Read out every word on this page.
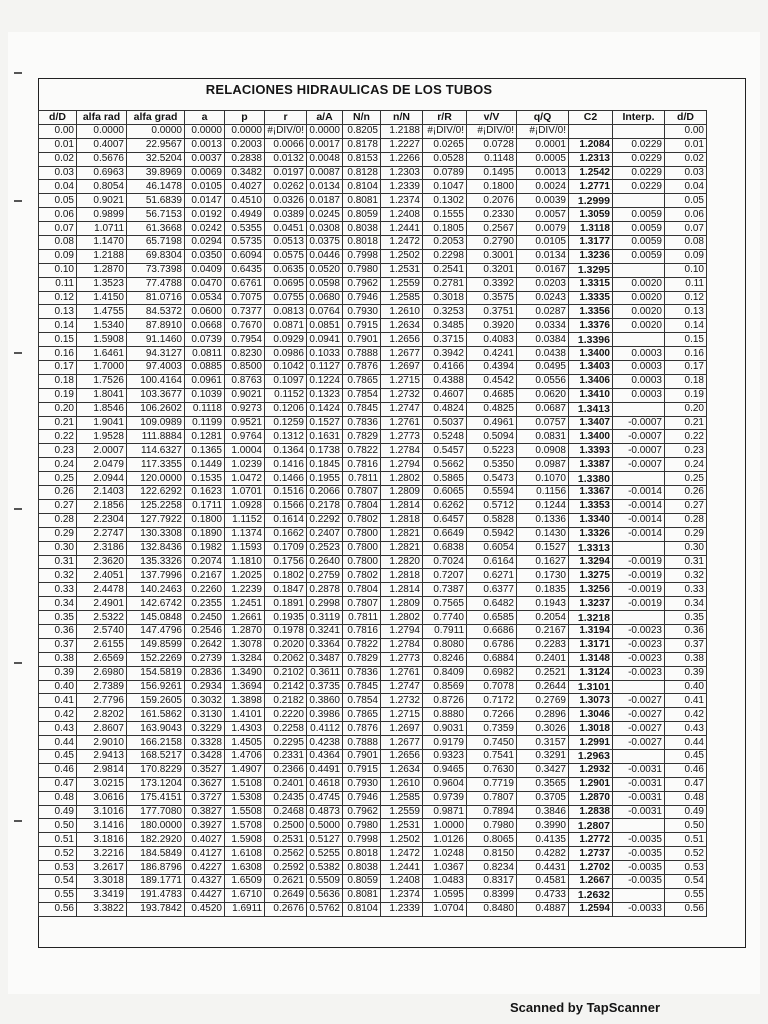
RELACIONES HIDRAULICAS DE LOS TUBOS
d/D	alfa rad	alfa grad	a	p	r	a/A	N/n	n/N	r/R	v/V	q/Q	C2	Interp.	d/D
0.00	0.0000	0.0000	0.0000	0.0000	#¡DIV/0!	0.0000	0.8205	1.2188	#¡DIV/0!	#¡DIV/0!	#¡DIV/0!			0.00
0.01	0.4007	22.9567	0.0013	0.2003	0.0066	0.0017	0.8178	1.2227	0.0265	0.0728	0.0001	1.2084	0.0229	0.01
0.02	0.5676	32.5204	0.0037	0.2838	0.0132	0.0048	0.8153	1.2266	0.0528	0.1148	0.0005	1.2313	0.0229	0.02
0.03	0.6963	39.8969	0.0069	0.3482	0.0197	0.0087	0.8128	1.2303	0.0789	0.1495	0.0013	1.2542	0.0229	0.03
0.04	0.8054	46.1478	0.0105	0.4027	0.0262	0.0134	0.8104	1.2339	0.1047	0.1800	0.0024	1.2771	0.0229	0.04
0.05	0.9021	51.6839	0.0147	0.4510	0.0326	0.0187	0.8081	1.2374	0.1302	0.2076	0.0039	1.2999		0.05
0.06	0.9899	56.7153	0.0192	0.4949	0.0389	0.0245	0.8059	1.2408	0.1555	0.2330	0.0057	1.3059	0.0059	0.06
0.07	1.0711	61.3668	0.0242	0.5355	0.0451	0.0308	0.8038	1.2441	0.1805	0.2567	0.0079	1.3118	0.0059	0.07
0.08	1.1470	65.7198	0.0294	0.5735	0.0513	0.0375	0.8018	1.2472	0.2053	0.2790	0.0105	1.3177	0.0059	0.08
0.09	1.2188	69.8304	0.0350	0.6094	0.0575	0.0446	0.7998	1.2502	0.2298	0.3001	0.0134	1.3236	0.0059	0.09
0.10	1.2870	73.7398	0.0409	0.6435	0.0635	0.0520	0.7980	1.2531	0.2541	0.3201	0.0167	1.3295		0.10
0.11	1.3523	77.4788	0.0470	0.6761	0.0695	0.0598	0.7962	1.2559	0.2781	0.3392	0.0203	1.3315	0.0020	0.11
0.12	1.4150	81.0716	0.0534	0.7075	0.0755	0.0680	0.7946	1.2585	0.3018	0.3575	0.0243	1.3335	0.0020	0.12
0.13	1.4755	84.5372	0.0600	0.7377	0.0813	0.0764	0.7930	1.2610	0.3253	0.3751	0.0287	1.3356	0.0020	0.13
0.14	1.5340	87.8910	0.0668	0.7670	0.0871	0.0851	0.7915	1.2634	0.3485	0.3920	0.0334	1.3376	0.0020	0.14
0.15	1.5908	91.1460	0.0739	0.7954	0.0929	0.0941	0.7901	1.2656	0.3715	0.4083	0.0384	1.3396		0.15
0.16	1.6461	94.3127	0.0811	0.8230	0.0986	0.1033	0.7888	1.2677	0.3942	0.4241	0.0438	1.3400	0.0003	0.16
0.17	1.7000	97.4003	0.0885	0.8500	0.1042	0.1127	0.7876	1.2697	0.4166	0.4394	0.0495	1.3403	0.0003	0.17
0.18	1.7526	100.4164	0.0961	0.8763	0.1097	0.1224	0.7865	1.2715	0.4388	0.4542	0.0556	1.3406	0.0003	0.18
0.19	1.8041	103.3677	0.1039	0.9021	0.1152	0.1323	0.7854	1.2732	0.4607	0.4685	0.0620	1.3410	0.0003	0.19
0.20	1.8546	106.2602	0.1118	0.9273	0.1206	0.1424	0.7845	1.2747	0.4824	0.4825	0.0687	1.3413		0.20
0.21	1.9041	109.0989	0.1199	0.9521	0.1259	0.1527	0.7836	1.2761	0.5037	0.4961	0.0757	1.3407	-0.0007	0.21
0.22	1.9528	111.8884	0.1281	0.9764	0.1312	0.1631	0.7829	1.2773	0.5248	0.5094	0.0831	1.3400	-0.0007	0.22
0.23	2.0007	114.6327	0.1365	1.0004	0.1364	0.1738	0.7822	1.2784	0.5457	0.5223	0.0908	1.3393	-0.0007	0.23
0.24	2.0479	117.3355	0.1449	1.0239	0.1416	0.1845	0.7816	1.2794	0.5662	0.5350	0.0987	1.3387	-0.0007	0.24
0.25	2.0944	120.0000	0.1535	1.0472	0.1466	0.1955	0.7811	1.2802	0.5865	0.5473	0.1070	1.3380		0.25
0.26	2.1403	122.6292	0.1623	1.0701	0.1516	0.2066	0.7807	1.2809	0.6065	0.5594	0.1156	1.3367	-0.0014	0.26
0.27	2.1856	125.2258	0.1711	1.0928	0.1566	0.2178	0.7804	1.2814	0.6262	0.5712	0.1244	1.3353	-0.0014	0.27
0.28	2.2304	127.7922	0.1800	1.1152	0.1614	0.2292	0.7802	1.2818	0.6457	0.5828	0.1336	1.3340	-0.0014	0.28
0.29	2.2747	130.3308	0.1890	1.1374	0.1662	0.2407	0.7800	1.2821	0.6649	0.5942	0.1430	1.3326	-0.0014	0.29
0.30	2.3186	132.8436	0.1982	1.1593	0.1709	0.2523	0.7800	1.2821	0.6838	0.6054	0.1527	1.3313		0.30
0.31	2.3620	135.3326	0.2074	1.1810	0.1756	0.2640	0.7800	1.2820	0.7024	0.6164	0.1627	1.3294	-0.0019	0.31
0.32	2.4051	137.7996	0.2167	1.2025	0.1802	0.2759	0.7802	1.2818	0.7207	0.6271	0.1730	1.3275	-0.0019	0.32
0.33	2.4478	140.2463	0.2260	1.2239	0.1847	0.2878	0.7804	1.2814	0.7387	0.6377	0.1835	1.3256	-0.0019	0.33
0.34	2.4901	142.6742	0.2355	1.2451	0.1891	0.2998	0.7807	1.2809	0.7565	0.6482	0.1943	1.3237	-0.0019	0.34
0.35	2.5322	145.0848	0.2450	1.2661	0.1935	0.3119	0.7811	1.2802	0.7740	0.6585	0.2054	1.3218		0.35
0.36	2.5740	147.4796	0.2546	1.2870	0.1978	0.3241	0.7816	1.2794	0.7911	0.6686	0.2167	1.3194	-0.0023	0.36
0.37	2.6155	149.8599	0.2642	1.3078	0.2020	0.3364	0.7822	1.2784	0.8080	0.6786	0.2283	1.3171	-0.0023	0.37
0.38	2.6569	152.2269	0.2739	1.3284	0.2062	0.3487	0.7829	1.2773	0.8246	0.6884	0.2401	1.3148	-0.0023	0.38
0.39	2.6980	154.5819	0.2836	1.3490	0.2102	0.3611	0.7836	1.2761	0.8409	0.6982	0.2521	1.3124	-0.0023	0.39
0.40	2.7389	156.9261	0.2934	1.3694	0.2142	0.3735	0.7845	1.2747	0.8569	0.7078	0.2644	1.3101		0.40
0.41	2.7796	159.2605	0.3032	1.3898	0.2182	0.3860	0.7854	1.2732	0.8726	0.7172	0.2769	1.3073	-0.0027	0.41
0.42	2.8202	161.5862	0.3130	1.4101	0.2220	0.3986	0.7865	1.2715	0.8880	0.7266	0.2896	1.3046	-0.0027	0.42
0.43	2.8607	163.9043	0.3229	1.4303	0.2258	0.4112	0.7876	1.2697	0.9031	0.7359	0.3026	1.3018	-0.0027	0.43
0.44	2.9010	166.2158	0.3328	1.4505	0.2295	0.4238	0.7888	1.2677	0.9179	0.7450	0.3157	1.2991	-0.0027	0.44
0.45	2.9413	168.5217	0.3428	1.4706	0.2331	0.4364	0.7901	1.2656	0.9323	0.7541	0.3291	1.2963		0.45
0.46	2.9814	170.8229	0.3527	1.4907	0.2366	0.4491	0.7915	1.2634	0.9465	0.7630	0.3427	1.2932	-0.0031	0.46
0.47	3.0215	173.1204	0.3627	1.5108	0.2401	0.4618	0.7930	1.2610	0.9604	0.7719	0.3565	1.2901	-0.0031	0.47
0.48	3.0616	175.4151	0.3727	1.5308	0.2435	0.4745	0.7946	1.2585	0.9739	0.7807	0.3705	1.2870	-0.0031	0.48
0.49	3.1016	177.7080	0.3827	1.5508	0.2468	0.4873	0.7962	1.2559	0.9871	0.7894	0.3846	1.2838	-0.0031	0.49
0.50	3.1416	180.0000	0.3927	1.5708	0.2500	0.5000	0.7980	1.2531	1.0000	0.7980	0.3990	1.2807		0.50
0.51	3.1816	182.2920	0.4027	1.5908	0.2531	0.5127	0.7998	1.2502	1.0126	0.8065	0.4135	1.2772	-0.0035	0.51
0.52	3.2216	184.5849	0.4127	1.6108	0.2562	0.5255	0.8018	1.2472	1.0248	0.8150	0.4282	1.2737	-0.0035	0.52
0.53	3.2617	186.8796	0.4227	1.6308	0.2592	0.5382	0.8038	1.2441	1.0367	0.8234	0.4431	1.2702	-0.0035	0.53
0.54	3.3018	189.1771	0.4327	1.6509	0.2621	0.5509	0.8059	1.2408	1.0483	0.8317	0.4581	1.2667	-0.0035	0.54
0.55	3.3419	191.4783	0.4427	1.6710	0.2649	0.5636	0.8081	1.2374	1.0595	0.8399	0.4733	1.2632		0.55
0.56	3.3822	193.7842	0.4520	1.6911	0.2676	0.5762	0.8104	1.2339	1.0704	0.8480	0.4887	1.2594	-0.0033	0.56
Scanned by TapScanner
